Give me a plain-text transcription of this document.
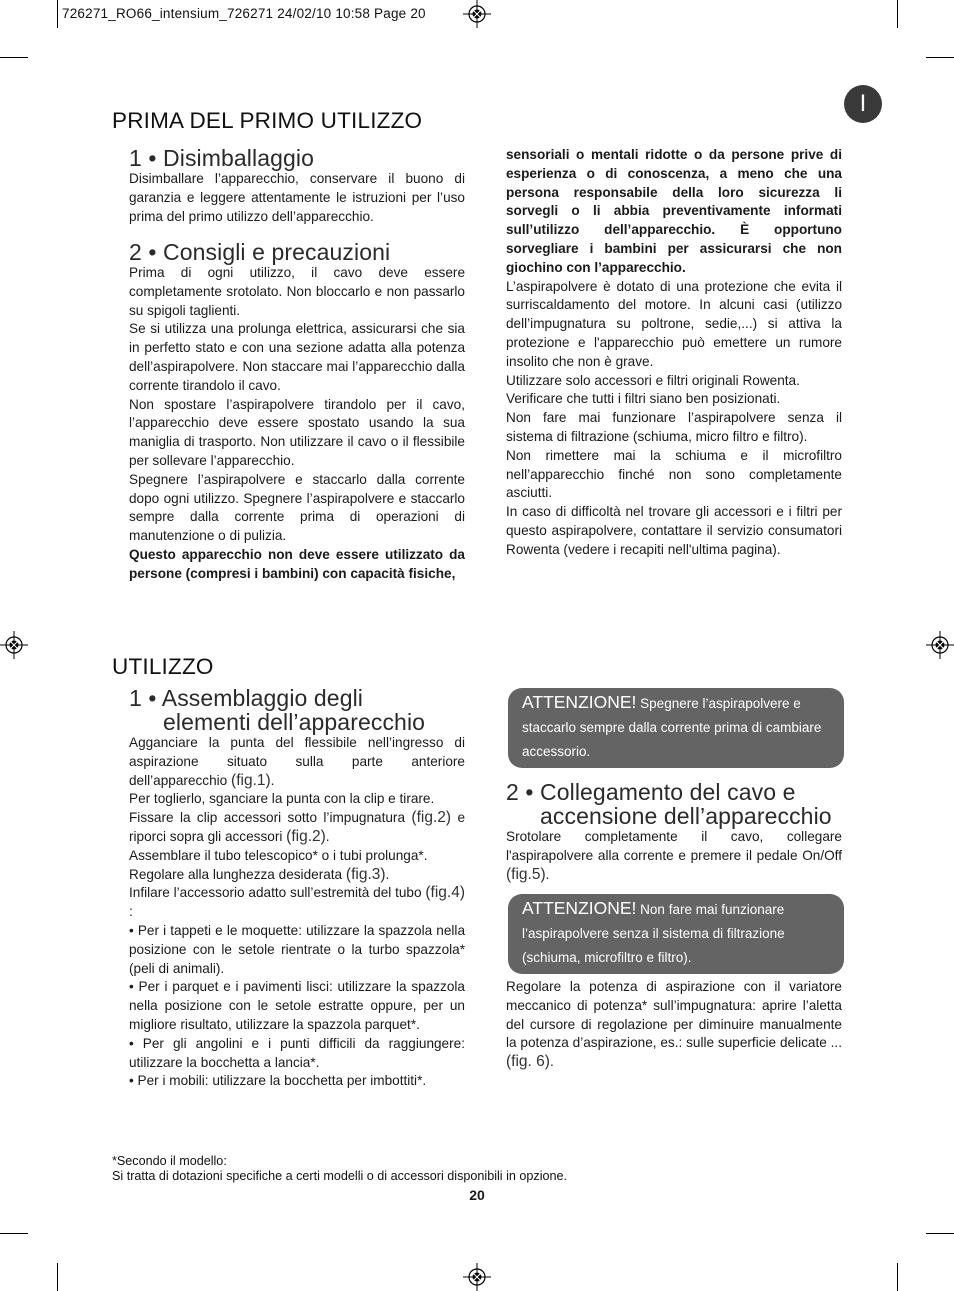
726271_RO66_intensium_726271 24/02/10 10:58 Page 20
I
PRIMA DEL PRIMO UTILIZZO
1 • Disimballaggio

Disimballare l’apparecchio, conservare il buono di garanzia e leggere attentamente le istruzioni per l’uso prima del primo utilizzo dell’apparecchio.

2 • Consigli e precauzioni

Prima di ogni utilizzo, il cavo deve essere completamente srotolato. Non bloccarlo e non passarlo su spigoli taglienti.

Se si utilizza una prolunga elettrica, assicurarsi che sia in perfetto stato e con una sezione adatta alla potenza dell’aspirapolvere. Non staccare mai l’apparecchio dalla corrente tirandolo il cavo.

Non spostare l’aspirapolvere tirandolo per il cavo, l’apparecchio deve essere spostato usando la sua maniglia di trasporto. Non utilizzare il cavo o il flessibile per sollevare l’apparecchio.

Spegnere l’aspirapolvere e staccarlo dalla corrente dopo ogni utilizzo. Spegnere l’aspirapolvere e staccarlo sempre dalla corrente prima di operazioni di manutenzione o di pulizia.

Questo apparecchio non deve essere utilizzato da persone (compresi i bambini) con capacità fisiche,

sensoriali o mentali ridotte o da persone prive di esperienza o di conoscenza, a meno che una persona responsabile della loro sicurezza li sorvegli o li abbia preventivamente informati sull’utilizzo dell’apparecchio. È opportuno sorvegliare i bambini per assicurarsi che non giochino con l’apparecchio.

L’aspirapolvere è dotato di una protezione che evita il surriscaldamento del motore. In alcuni casi (utilizzo dell’impugnatura su poltrone, sedie,...) si attiva la protezione e l'apparecchio può emettere un rumore insolito che non è grave.

Utilizzare solo accessori e filtri originali Rowenta.

Verificare che tutti i filtri siano ben posizionati.

Non fare mai funzionare l’aspirapolvere senza il sistema di filtrazione (schiuma, micro filtro e filtro).

Non rimettere mai la schiuma e il microfiltro nell’apparecchio finché non sono completamente asciutti.

In caso di difficoltà nel trovare gli accessori e i filtri per questo aspirapolvere, contattare il servizio consumatori Rowenta (vedere i recapiti nell'ultima pagina).

UTILIZZO
1 • Assemblaggio degli
elementi dell’apparecchio

Agganciare la punta del flessibile nell’ingresso di aspirazione situato sulla parte anteriore dell’apparecchio (fig.1).

Per toglierlo, sganciare la punta con la clip e tirare.

Fissare la clip accessori sotto l’impugnatura (fig.2) e riporci sopra gli accessori (fig.2).

Assemblare il tubo telescopico* o i tubi prolunga*.

Regolare alla lunghezza desiderata (fig.3).

Infilare l’accessorio adatto sull’estremità del tubo (fig.4) :

• Per i tappeti e le moquette: utilizzare la spazzola nella posizione con le setole rientrate o la turbo spazzola* (peli di animali).

• Per i parquet e i pavimenti lisci: utilizzare la spazzola nella posizione con le setole estratte oppure, per un migliore risultato, utilizzare la spazzola parquet*.

• Per gli angolini e i punti difficili da raggiungere: utilizzare la bocchetta a lancia*.

• Per i mobili: utilizzare la bocchetta per imbottiti*.

ATTENZIONE! Spegnere l’aspirapolvere e staccarlo sempre dalla corrente prima di cambiare accessorio.
2 • Collegamento del cavo e
accensione dell’apparecchio

Srotolare completamente il cavo, collegare l'aspirapolvere alla corrente e premere il pedale On/Off (fig.5).

ATTENZIONE! Non fare mai funzionare l’aspirapolvere senza il sistema di filtrazione (schiuma, microfiltro e filtro).

Regolare la potenza di aspirazione con il variatore meccanico di potenza* sull’impugnatura: aprire l’aletta del cursore di regolazione per diminuire manualmente la potenza d’aspirazione, es.: sulle superficie delicate ... (fig. 6).

*Secondo il modello:
Si tratta di dotazioni specifiche a certi modelli o di accessori disponibili in opzione.
20
